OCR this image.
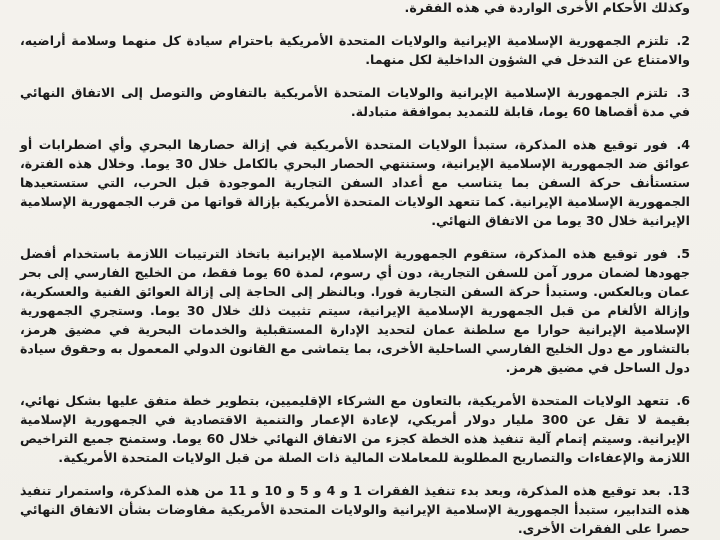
وكذلك الأحكام الأخرى الواردة في هذه الفقرة.

2. تلتزم الجمهورية الإسلامية الإيرانية والولايات المتحدة الأمريكية باحترام سيادة كل منهما وسلامة أراضيه، والامتناع عن التدخل في الشؤون الداخلية لكل منهما.

3. تلتزم الجمهورية الإسلامية الإيرانية والولايات المتحدة الأمريكية بالتفاوض والتوصل إلى الاتفاق النهائي في مدة أقصاها 60 يوما، قابلة للتمديد بموافقة متبادلة.

4. فور توقيع هذه المذكرة، ستبدأ الولايات المتحدة الأمريكية في إزالة حصارها البحري وأي اضطرابات أو عوائق ضد الجمهورية الإسلامية الإيرانية، وستنتهي الحصار البحري بالكامل خلال 30 يوما. وخلال هذه الفترة، ستستأنف حركة السفن بما يتناسب مع أعداد السفن التجارية الموجودة قبل الحرب، التي ستستعيدها الجمهورية الإسلامية الإيرانية. كما تتعهد الولايات المتحدة الأمريكية بإزالة قواتها من قرب الجمهورية الإسلامية الإيرانية خلال 30 يوما من الاتفاق النهائي.

5. فور توقيع هذه المذكرة، ستقوم الجمهورية الإسلامية الإيرانية باتخاذ الترتيبات اللازمة باستخدام أفضل جهودها لضمان مرور آمن للسفن التجارية، دون أي رسوم، لمدة 60 يوما فقط، من الخليج الفارسي إلى بحر عمان وبالعكس. وستبدأ حركة السفن التجارية فورا. وبالنظر إلى الحاجة إلى إزالة العوائق الفنية والعسكرية، وإزالة الألغام من قبل الجمهورية الإسلامية الإيرانية، سيتم تثبيت ذلك خلال 30 يوما. وستجري الجمهورية الإسلامية الإيرانية حوارا مع سلطنة عمان لتحديد الإدارة المستقبلية والخدمات البحرية في مضيق هرمز، بالتشاور مع دول الخليج الفارسي الساحلية الأخرى، بما يتماشى مع القانون الدولي المعمول به وحقوق سيادة دول الساحل في مضيق هرمز.

6. تتعهد الولايات المتحدة الأمريكية، بالتعاون مع الشركاء الإقليميين، بتطوير خطة متفق عليها بشكل نهائي، بقيمة لا تقل عن 300 مليار دولار أمريكي، لإعادة الإعمار والتنمية الاقتصادية في الجمهورية الإسلامية الإيرانية. وسيتم إتمام آلية تنفيذ هذه الخطة كجزء من الاتفاق النهائي خلال 60 يوما. وستمنح جميع التراخيص اللازمة والإعفاءات والتصاريح المطلوبة للمعاملات المالية ذات الصلة من قبل الولايات المتحدة الأمريكية.

13. بعد توقيع هذه المذكرة، وبعد بدء تنفيذ الفقرات 1 و 4 و 5 و 10 و 11 من هذه المذكرة، واستمرار تنفيذ هذه التدابير، ستبدأ الجمهورية الإسلامية الإيرانية والولايات المتحدة الأمريكية مفاوضات بشأن الاتفاق النهائي حصرا على الفقرات الأخرى.
